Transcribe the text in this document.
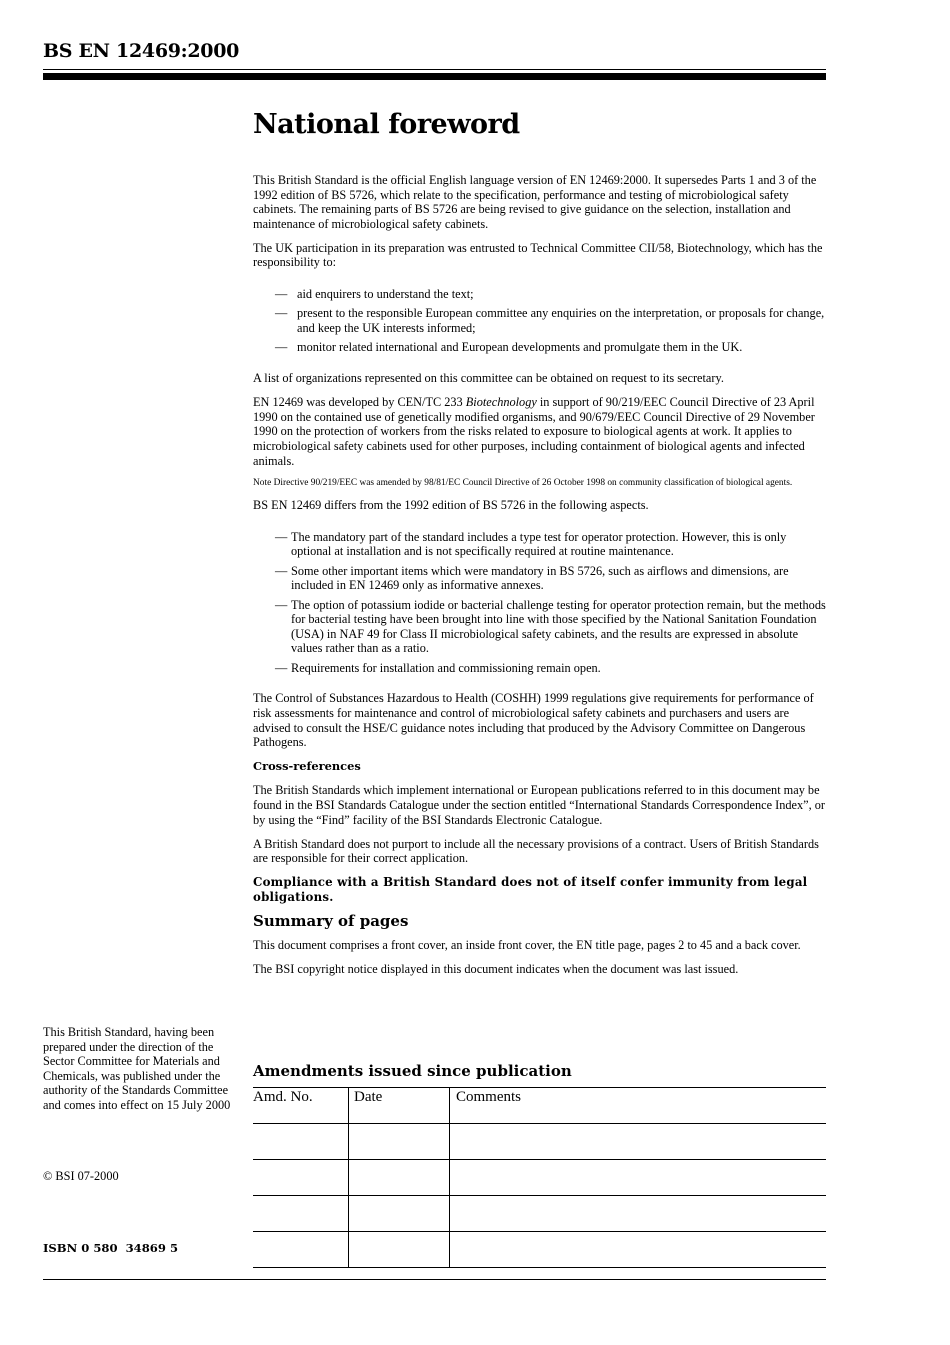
BS EN 12469:2000
National foreword

This British Standard is the official English language version of EN 12469:2000. It supersedes Parts 1 and 3 of the 1992 edition of BS 5726, which relate to the specification, performance and testing of microbiological safety cabinets. The remaining parts of BS 5726 are being revised to give guidance on the selection, installation and maintenance of microbiological safety cabinets.

The UK participation in its preparation was entrusted to Technical Committee CII/58, Biotechnology, which has the responsibility to:

— aid enquirers to understand the text;
— present to the responsible European committee any enquiries on the interpretation, or proposals for change, and keep the UK interests informed;
— monitor related international and European developments and promulgate them in the UK.

A list of organizations represented on this committee can be obtained on request to its secretary.

EN 12469 was developed by CEN/TC 233 Biotechnology in support of 90/219/EEC Council Directive of 23 April 1990 on the contained use of genetically modified organisms, and 90/679/EEC Council Directive of 29 November 1990 on the protection of workers from the risks related to exposure to biological agents at work. It applies to microbiological safety cabinets used for other purposes, including containment of biological agents and infected animals.

Note Directive 90/219/EEC was amended by 98/81/EC Council Directive of 26 October 1998 on community classification of biological agents.

BS EN 12469 differs from the 1992 edition of BS 5726 in the following aspects.

— The mandatory part of the standard includes a type test for operator protection. However, this is only optional at installation and is not specifically required at routine maintenance.
— Some other important items which were mandatory in BS 5726, such as airflows and dimensions, are included in EN 12469 only as informative annexes.
— The option of potassium iodide or bacterial challenge testing for operator protection remain, but the methods for bacterial testing have been brought into line with those specified by the National Sanitation Foundation (USA) in NAF 49 for Class II microbiological safety cabinets, and the results are expressed in absolute values rather than as a ratio.
— Requirements for installation and commissioning remain open.

The Control of Substances Hazardous to Health (COSHH) 1999 regulations give requirements for performance of risk assessments for maintenance and control of microbiological safety cabinets and purchasers and users are advised to consult the HSE/C guidance notes including that produced by the Advisory Committee on Dangerous Pathogens.

Cross-references

The British Standards which implement international or European publications referred to in this document may be found in the BSI Standards Catalogue under the section entitled “International Standards Correspondence Index”, or by using the “Find” facility of the BSI Standards Electronic Catalogue.

A British Standard does not purport to include all the necessary provisions of a contract. Users of British Standards are responsible for their correct application.

Compliance with a British Standard does not of itself confer immunity from legal obligations.

Summary of pages

This document comprises a front cover, an inside front cover, the EN title page, pages 2 to 45 and a back cover.

The BSI copyright notice displayed in this document indicates when the document was last issued.

Amendments issued since publication
Amd. No.	Date	Comments

This British Standard, having been prepared under the direction of the Sector Committee for Materials and Chemicals, was published under the authority of the Standards Committee and comes into effect on 15 July 2000
© BSI 07-2000
ISBN 0 580  34869 5
